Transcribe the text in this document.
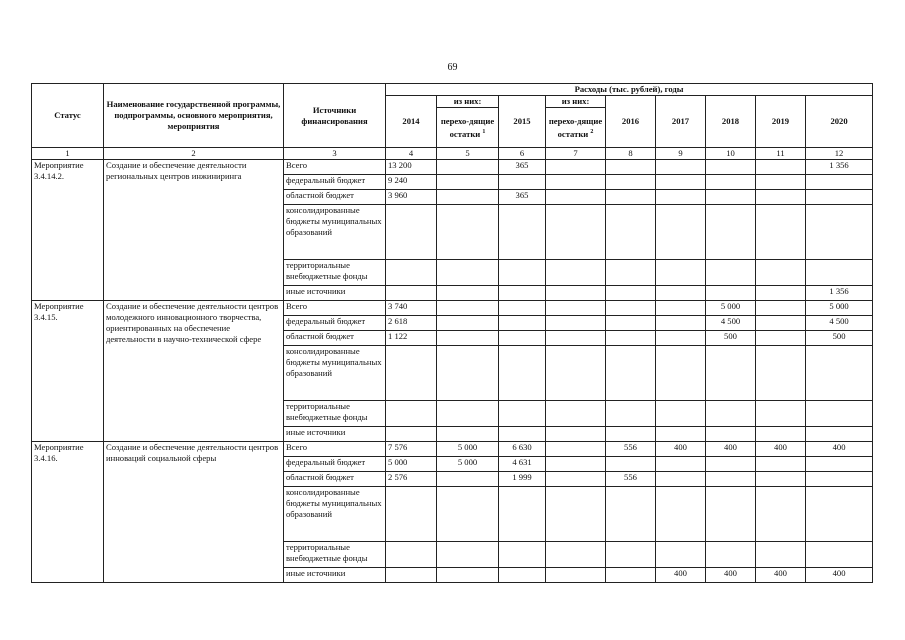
69
Статус	Наименование государственной программы, подпрограммы, основного мероприятия, мероприятия	Источники финансирования	Расходы (тыс. рублей), годы								
			2014	из них:	2015	из них:	2016	2017	2018	2019	2020
				перехо-дящие остатки $^1$		перехо-дящие остатки $^2$
1	2	3	4	5	6	7	8	9	10	11	12
Мероприятие 3.4.14.2.	Создание и обеспечение деятельности региональных центров инжиниринга	Всего	13 200		365						1 356
		федеральный бюджет	9 240								
		областной бюджет	3 960		365						
		консолидированные бюджеты муниципальных образований									
		территориальные внебюджетные фонды									
		иные источники									1 356
Мероприятие 3.4.15.	Создание и обеспечение деятельности центров молодежного инновационного творчества, ориентированных на обеспечение деятельности в научно-технической сфере	Всего	3 740						5 000		5 000
		федеральный бюджет	2 618						4 500		4 500
		областной бюджет	1 122						500		500
		консолидированные бюджеты муниципальных образований									
		территориальные внебюджетные фонды									
		иные источники									
Мероприятие 3.4.16.	Создание и обеспечение деятельности центров инноваций социальной сферы	Всего	7 576	5 000	6 630		556	400	400	400	400
		федеральный бюджет	5 000	5 000	4 631						
		областной бюджет	2 576		1 999		556				
		консолидированные бюджеты муниципальных образований									
		территориальные внебюджетные фонды									
		иные источники						400	400	400	400
